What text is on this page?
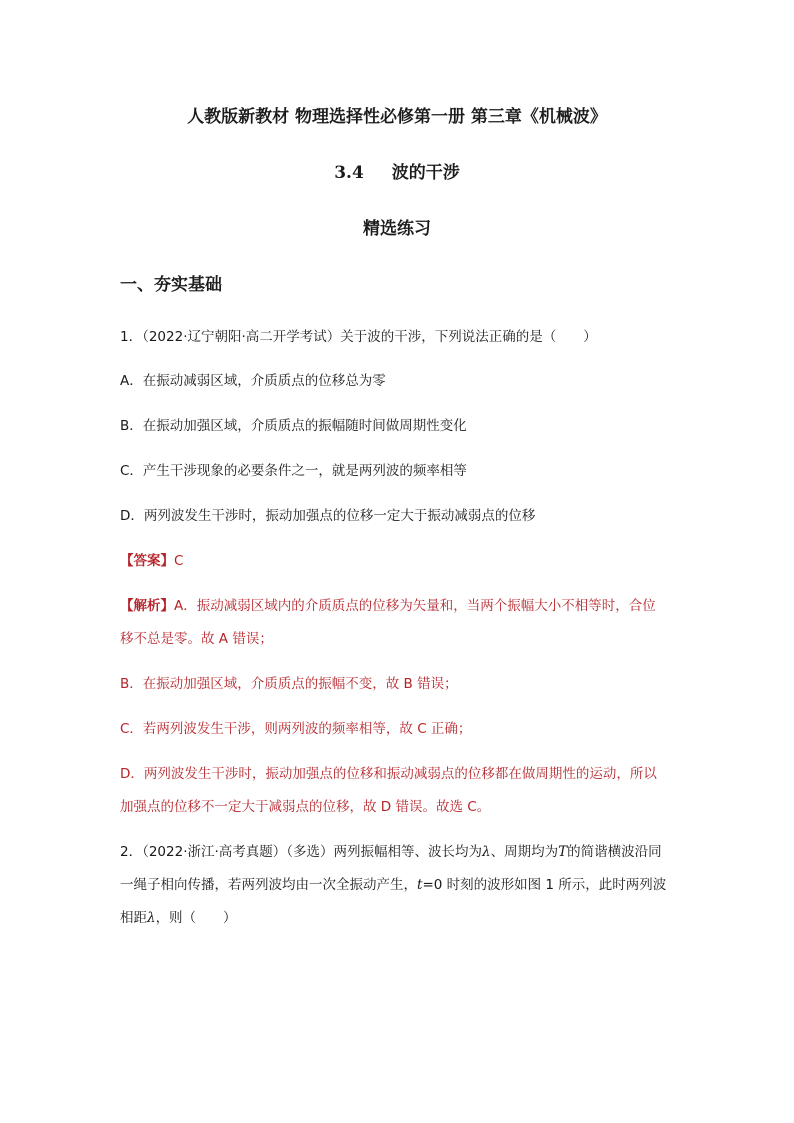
人教版新教材 物理选择性必修第一册 第三章《机械波》
3.4 波的干涉
精选练习
一、夯实基础
1．（2022·辽宁朝阳·高二开学考试）关于波的干涉，下列说法正确的是（　　）
A．在振动减弱区域，介质质点的位移总为零
B．在振动加强区域，介质质点的振幅随时间做周期性变化
C．产生干涉现象的必要条件之一，就是两列波的频率相等
D．两列波发生干涉时，振动加强点的位移一定大于振动减弱点的位移
【答案】C
【解析】A．振动减弱区域内的介质质点的位移为矢量和，当两个振幅大小不相等时，合位
移不总是零。故 A 错误；
B．在振动加强区域，介质质点的振幅不变，故 B 错误；
C．若两列波发生干涉，则两列波的频率相等，故 C 正确；
D．两列波发生干涉时，振动加强点的位移和振动减弱点的位移都在做周期性的运动，所以
加强点的位移不一定大于减弱点的位移，故 D 错误。故选 C。
2．（2022·浙江·高考真题）（多选）两列振幅相等、波长均为λ、周期均为T的简谐横波沿同
一绳子相向传播，若两列波均由一次全振动产生，t=0 时刻的波形如图 1 所示，此时两列波
相距λ，则（　　）
